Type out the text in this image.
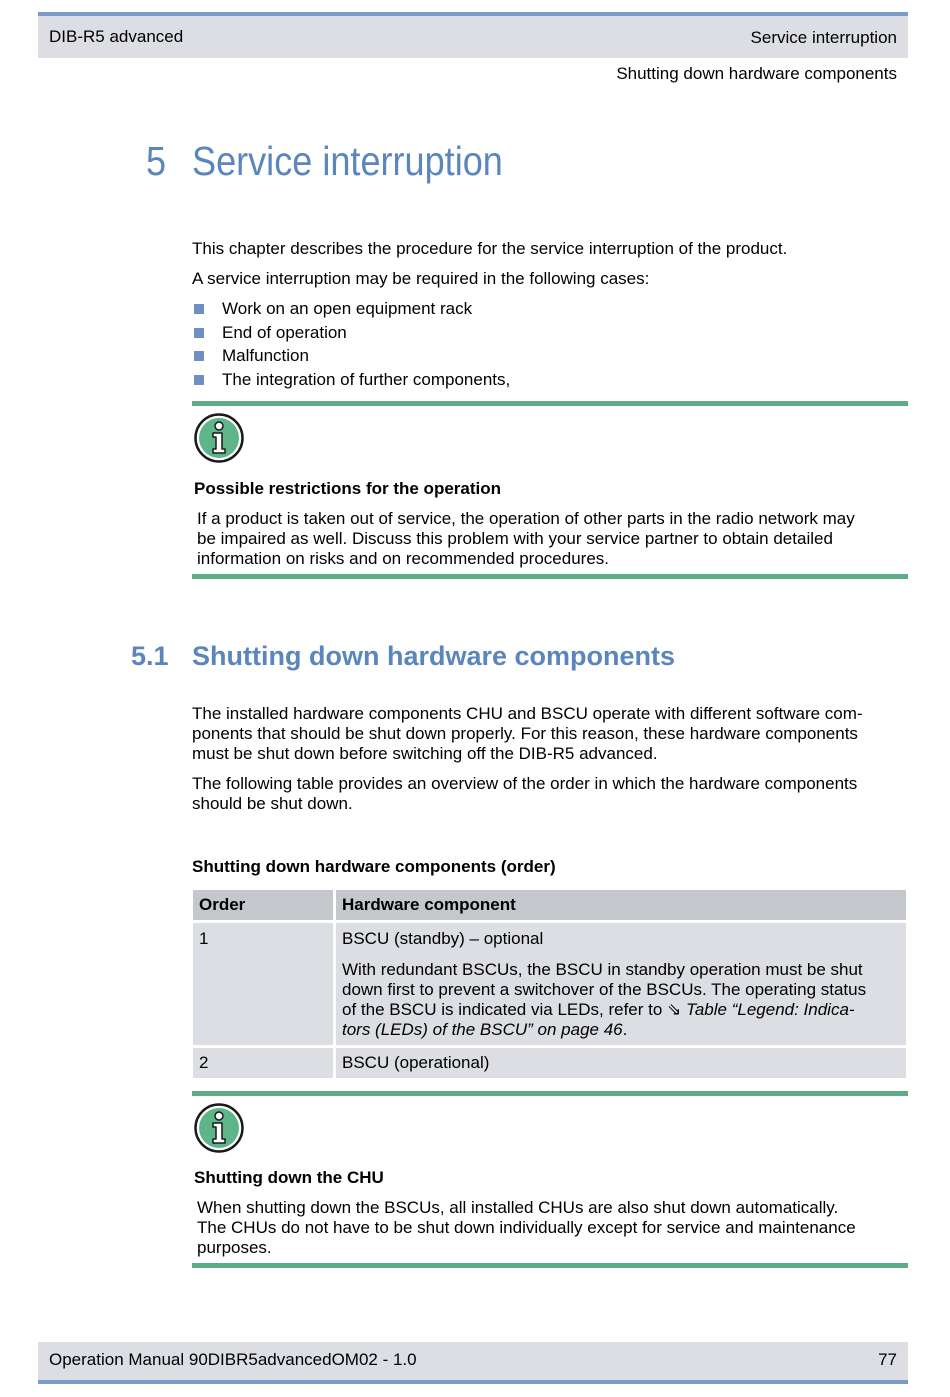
DIB-R5 advanced	Service interruption
Shutting down hardware components
5 Service interruption
This chapter describes the procedure for the service interruption of the product.
A service interruption may be required in the following cases:
Work on an open equipment rack
End of operation
Malfunction
The integration of further components,
Possible restrictions for the operation
If a product is taken out of service, the operation of other parts in the radio network may
be impaired as well. Discuss this problem with your service partner to obtain detailed
information on risks and on recommended procedures.
5.1 Shutting down hardware components
The installed hardware components CHU and BSCU operate with different software com-
ponents that should be shut down properly. For this reason, these hardware components
must be shut down before switching off the DIB-R5 advanced.
The following table provides an overview of the order in which the hardware components
should be shut down.
Shutting down hardware components (order)
Order	Hardware component
1	BSCU (standby) – optional
With redundant BSCUs, the BSCU in standby operation must be shut
down first to prevent a switchover of the BSCUs. The operating status
of the BSCU is indicated via LEDs, refer to ⇘ Table “Legend: Indica-
tors (LEDs) of the BSCU” on page 46.
2	BSCU (operational)
Shutting down the CHU
When shutting down the BSCUs, all installed CHUs are also shut down automatically.
The CHUs do not have to be shut down individually except for service and maintenance
purposes.
Operation Manual 90DIBR5advancedOM02 - 1.0	77
